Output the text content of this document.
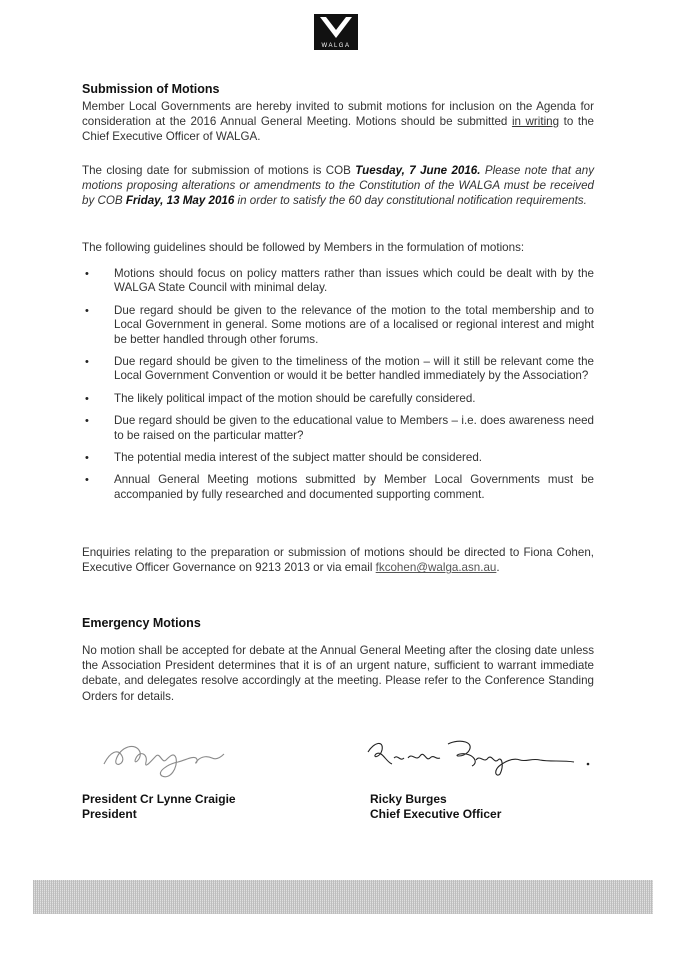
WALGA
Submission of Motions
Member Local Governments are hereby invited to submit motions for inclusion on the Agenda for consideration at the 2016 Annual General Meeting. Motions should be submitted in writing to the Chief Executive Officer of WALGA.
The closing date for submission of motions is COB Tuesday, 7 June 2016. Please note that any motions proposing alterations or amendments to the Constitution of the WALGA must be received by COB Friday, 13 May 2016 in order to satisfy the 60 day constitutional notification requirements.
The following guidelines should be followed by Members in the formulation of motions:
• Motions should focus on policy matters rather than issues which could be dealt with by the WALGA State Council with minimal delay.
• Due regard should be given to the relevance of the motion to the total membership and to Local Government in general. Some motions are of a localised or regional interest and might be better handled through other forums.
• Due regard should be given to the timeliness of the motion – will it still be relevant come the Local Government Convention or would it be better handled immediately by the Association?
• The likely political impact of the motion should be carefully considered.
• Due regard should be given to the educational value to Members – i.e. does awareness need to be raised on the particular matter?
• The potential media interest of the subject matter should be considered.
• Annual General Meeting motions submitted by Member Local Governments must be accompanied by fully researched and documented supporting comment.
Enquiries relating to the preparation or submission of motions should be directed to Fiona Cohen, Executive Officer Governance on 9213 2013 or via email fkcohen@walga.asn.au.
Emergency Motions
No motion shall be accepted for debate at the Annual General Meeting after the closing date unless the Association President determines that it is of an urgent nature, sufficient to warrant immediate debate, and delegates resolve accordingly at the meeting. Please refer to the Conference Standing Orders for details.
President Cr Lynne Craigie
President
Ricky Burges
Chief Executive Officer
